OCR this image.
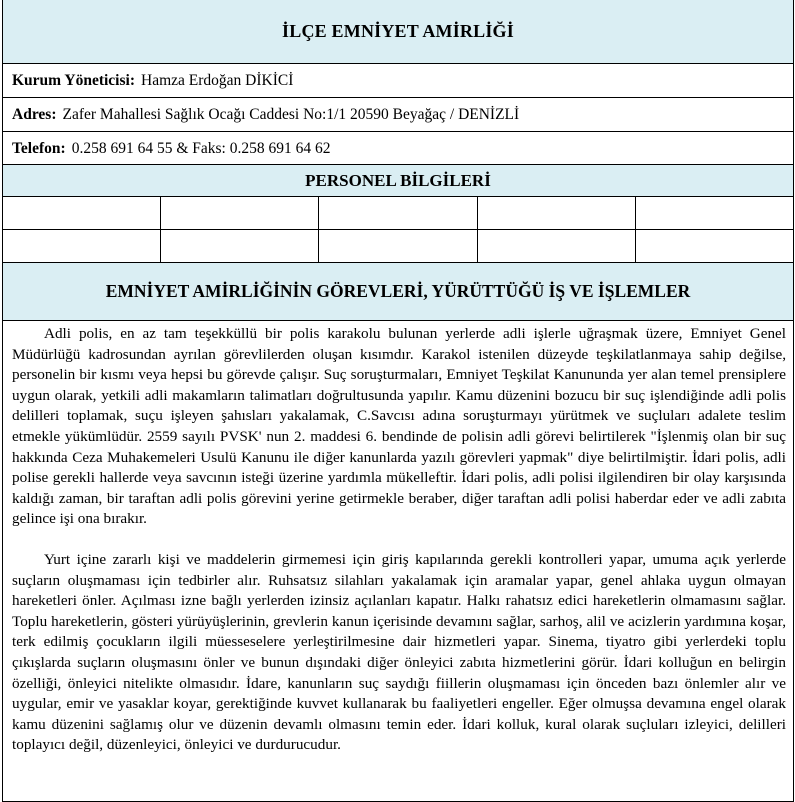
İLÇE EMNİYET AMİRLİĞİ
Kurum Yöneticisi: Hamza Erdoğan DİKİCİ
Adres: Zafer Mahallesi Sağlık Ocağı Caddesi No:1/1 20590 Beyağaç / DENİZLİ
Telefon: 0.258 691 64 55 & Faks: 0.258 691 64 62
PERSONEL BİLGİLERİ
EMNİYET AMİRLİĞİNİN GÖREVLERİ, YÜRÜTTÜĞÜ İŞ VE İŞLEMLER

Adli polis, en az tam teşekküllü bir polis karakolu bulunan yerlerde adli işlerle uğraşmak üzere, Emniyet Genel Müdürlüğü kadrosundan ayrılan görevlilerden oluşan kısımdır. Karakol istenilen düzeyde teşkilatlanmaya sahip değilse, personelin bir kısmı veya hepsi bu görevde çalışır. Suç soruşturmaları, Emniyet Teşkilat Kanununda yer alan temel prensiplere uygun olarak, yetkili adli makamların talimatları doğrultusunda yapılır. Kamu düzenini bozucu bir suç işlendiğinde adli polis delilleri toplamak, suçu işleyen şahısları yakalamak, C.Savcısı adına soruşturmayı yürütmek ve suçluları adalete teslim etmekle yükümlüdür. 2559 sayılı PVSK' nun 2. maddesi 6. bendinde de polisin adli görevi belirtilerek "İşlenmiş olan bir suç hakkında Ceza Muhakemeleri Usulü Kanunu ile diğer kanunlarda yazılı görevleri yapmak" diye belirtilmiştir. İdari polis, adli polise gerekli hallerde veya savcının isteği üzerine yardımla mükelleftir. İdari polis, adli polisi ilgilendiren bir olay karşısında kaldığı zaman, bir taraftan adli polis görevini yerine getirmekle beraber, diğer taraftan adli polisi haberdar eder ve adli zabıta gelince işi ona bırakır.

Yurt içine zararlı kişi ve maddelerin girmemesi için giriş kapılarında gerekli kontrolleri yapar, umuma açık yerlerde suçların oluşmaması için tedbirler alır. Ruhsatsız silahları yakalamak için aramalar yapar, genel ahlaka uygun olmayan hareketleri önler. Açılması izne bağlı yerlerden izinsiz açılanları kapatır. Halkı rahatsız edici hareketlerin olmamasını sağlar. Toplu hareketlerin, gösteri yürüyüşlerinin, grevlerin kanun içerisinde devamını sağlar, sarhoş, alil ve acizlerin yardımına koşar, terk edilmiş çocukların ilgili müesseselere yerleştirilmesine dair hizmetleri yapar. Sinema, tiyatro gibi yerlerdeki toplu çıkışlarda suçların oluşmasını önler ve bunun dışındaki diğer önleyici zabıta hizmetlerini görür. İdari kolluğun en belirgin özelliği, önleyici nitelikte olmasıdır. İdare, kanunların suç saydığı fiillerin oluşmaması için önceden bazı önlemler alır ve uygular, emir ve yasaklar koyar, gerektiğinde kuvvet kullanarak bu faaliyetleri engeller. Eğer olmuşsa devamına engel olarak kamu düzenini sağlamış olur ve düzenin devamlı olmasını temin eder. İdari kolluk, kural olarak suçluları izleyici, delilleri toplayıcı değil, düzenleyici, önleyici ve durdurucudur.
